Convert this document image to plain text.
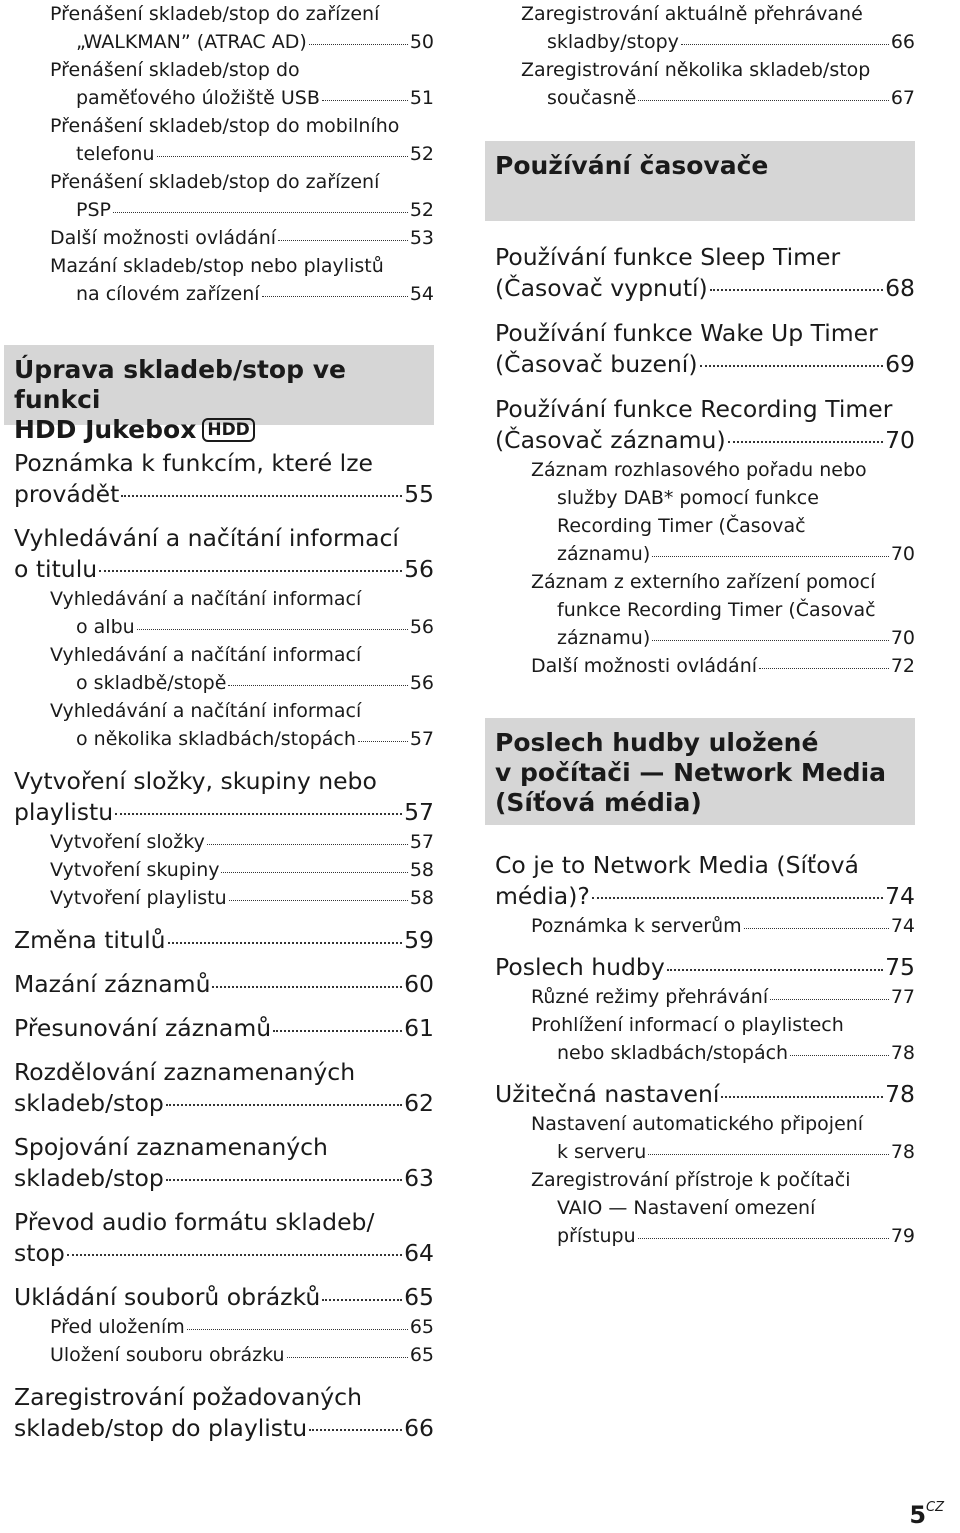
Přenášení skladeb/stop do zařízení
„WALKMAN” (ATRAC AD)	50
Přenášení skladeb/stop do
paměťového úložiště USB	51
Přenášení skladeb/stop do mobilního
telefonu	52
Přenášení skladeb/stop do zařízení
PSP	52
Další možnosti ovládání	53
Mazání skladeb/stop nebo playlistů
na cílovém zařízení	54
Úprava skladeb/stop ve funkci
HDD Jukebox HDD
Poznámka k funkcím, které lze
provádět	55
Vyhledávání a načítání informací
o titulu	56
Vyhledávání a načítání informací
o albu	56
Vyhledávání a načítání informací
o skladbě/stopě	56
Vyhledávání a načítání informací
o několika skladbách/stopách	57
Vytvoření složky, skupiny nebo
playlistu	57
Vytvoření složky	57
Vytvoření skupiny	58
Vytvoření playlistu	58
Změna titulů	59
Mazání záznamů	60
Přesunování záznamů	61
Rozdělování zaznamenaných
skladeb/stop	62
Spojování zaznamenaných
skladeb/stop	63
Převod audio formátu skladeb/
stop	64
Ukládání souborů obrázků	65
Před uložením	65
Uložení souboru obrázku	65
Zaregistrování požadovaných
skladeb/stop do playlistu	66
Zaregistrování aktuálně přehrávané
skladby/stopy	66
Zaregistrování několika skladeb/stop
současně	67
Používání časovače
Používání funkce Sleep Timer
(Časovač vypnutí)	68
Používání funkce Wake Up Timer
(Časovač buzení)	69
Používání funkce Recording Timer
(Časovač záznamu)	70
Záznam rozhlasového pořadu nebo
služby DAB* pomocí funkce
Recording Timer (Časovač
záznamu)	70
Záznam z externího zařízení pomocí
funkce Recording Timer (Časovač
záznamu)	70
Další možnosti ovládání	72
Poslech hudby uložené
v počítači — Network Media
(Síťová média)
Co je to Network Media (Síťová
média)?	74
Poznámka k serverům	74
Poslech hudby	75
Různé režimy přehrávání	77
Prohlížení informací o playlistech
nebo skladbách/stopách	78
Užitečná nastavení	78
Nastavení automatického připojení
k serveru	78
Zaregistrování přístroje k počítači
VAIO — Nastavení omezení
přístupu	79
$5^{CZ}$
